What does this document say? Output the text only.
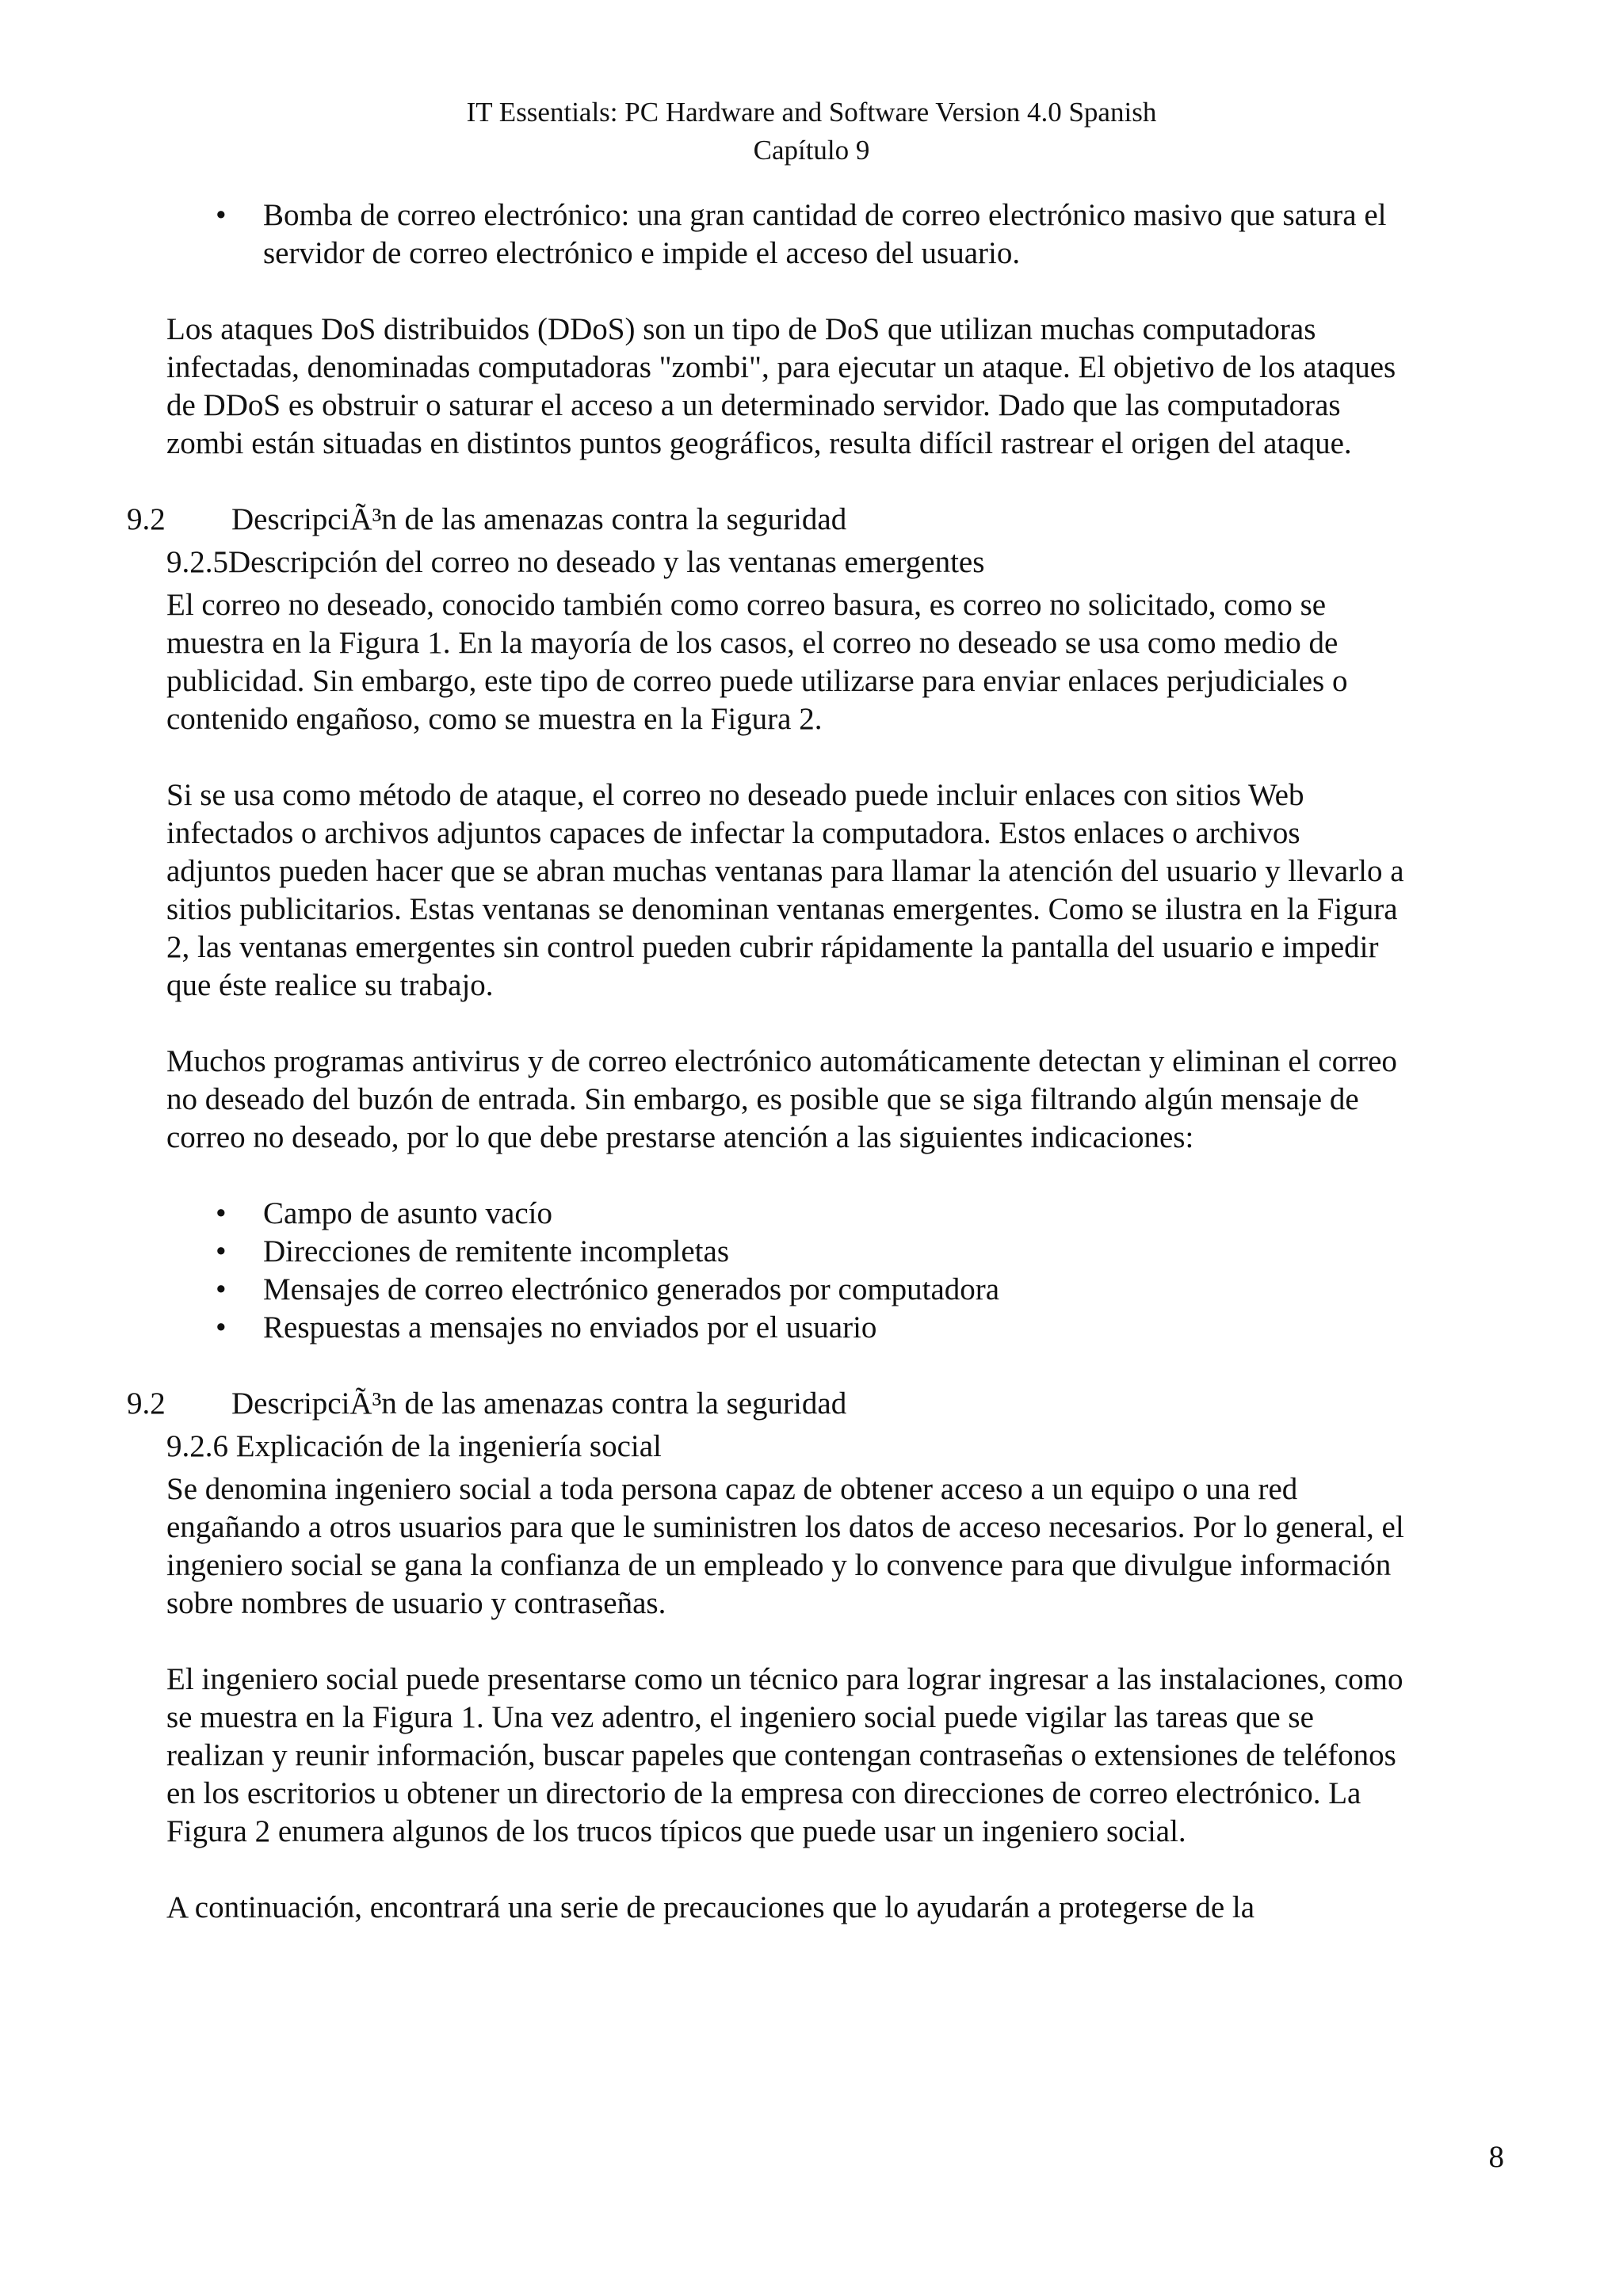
IT Essentials: PC Hardware and Software Version 4.0 Spanish
Capítulo 9
• Bomba de correo electrónico: una gran cantidad de correo electrónico masivo que satura el servidor de correo electrónico e impide el acceso del usuario.

Los ataques DoS distribuidos (DDoS) son un tipo de DoS que utilizan muchas computadoras infectadas, denominadas computadoras "zombi", para ejecutar un ataque. El objetivo de los ataques de DDoS es obstruir o saturar el acceso a un determinado servidor. Dado que las computadoras zombi están situadas en distintos puntos geográficos, resulta difícil rastrear el origen del ataque.

9.2	DescripciÃ³n de las amenazas contra la seguridad
9.2.5Descripción del correo no deseado y las ventanas emergentes

El correo no deseado, conocido también como correo basura, es correo no solicitado, como se muestra en la Figura 1. En la mayoría de los casos, el correo no deseado se usa como medio de publicidad. Sin embargo, este tipo de correo puede utilizarse para enviar enlaces perjudiciales o contenido engañoso, como se muestra en la Figura 2.

Si se usa como método de ataque, el correo no deseado puede incluir enlaces con sitios Web infectados o archivos adjuntos capaces de infectar la computadora. Estos enlaces o archivos adjuntos pueden hacer que se abran muchas ventanas para llamar la atención del usuario y llevarlo a sitios publicitarios. Estas ventanas se denominan ventanas emergentes. Como se ilustra en la Figura 2, las ventanas emergentes sin control pueden cubrir rápidamente la pantalla del usuario e impedir que éste realice su trabajo.

Muchos programas antivirus y de correo electrónico automáticamente detectan y eliminan el correo no deseado del buzón de entrada. Sin embargo, es posible que se siga filtrando algún mensaje de correo no deseado, por lo que debe prestarse atención a las siguientes indicaciones:

• Campo de asunto vacío
• Direcciones de remitente incompletas
• Mensajes de correo electrónico generados por computadora
• Respuestas a mensajes no enviados por el usuario
9.2	DescripciÃ³n de las amenazas contra la seguridad
9.2.6 Explicación de la ingeniería social

Se denomina ingeniero social a toda persona capaz de obtener acceso a un equipo o una red engañando a otros usuarios para que le suministren los datos de acceso necesarios. Por lo general, el ingeniero social se gana la confianza de un empleado y lo convence para que divulgue información sobre nombres de usuario y contraseñas.

El ingeniero social puede presentarse como un técnico para lograr ingresar a las instalaciones, como se muestra en la Figura 1. Una vez adentro, el ingeniero social puede vigilar las tareas que se realizan y reunir información, buscar papeles que contengan contraseñas o extensiones de teléfonos en los escritorios u obtener un directorio de la empresa con direcciones de correo electrónico. La Figura 2 enumera algunos de los trucos típicos que puede usar un ingeniero social.

A continuación, encontrará una serie de precauciones que lo ayudarán a protegerse de la

8
